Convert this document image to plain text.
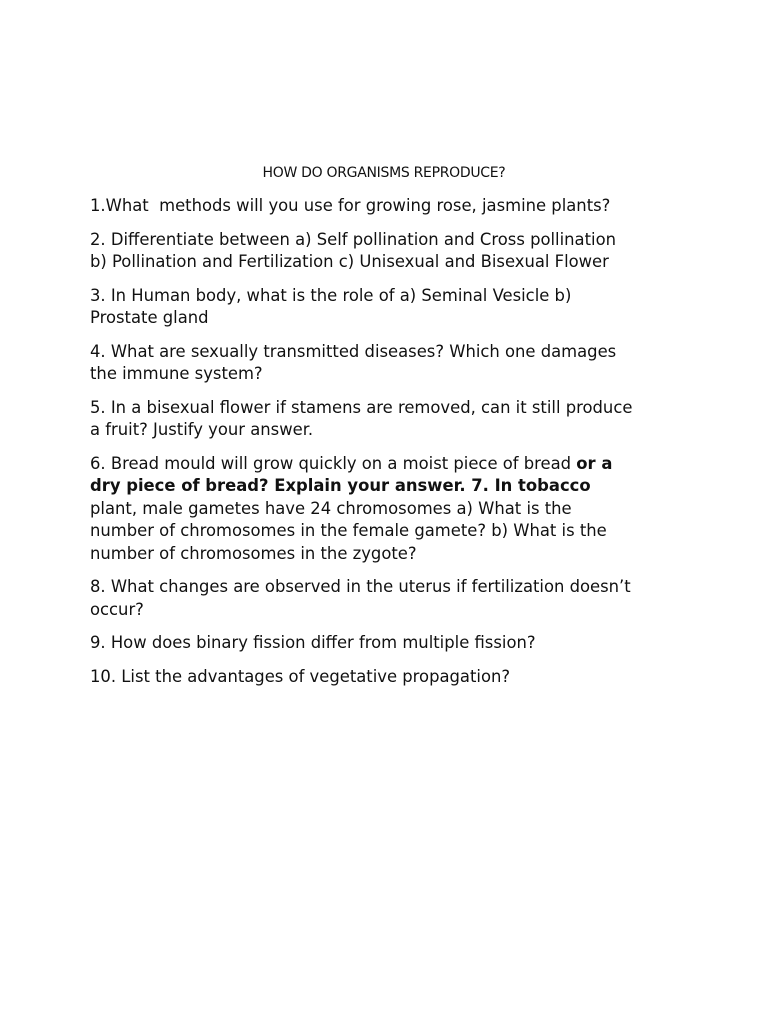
HOW DO ORGANISMS REPRODUCE?
1.What  methods will you use for growing rose, jasmine plants?
2. Differentiate between a) Self pollination and Cross pollination
b) Pollination and Fertilization c) Unisexual and Bisexual Flower
3. In Human body, what is the role of a) Seminal Vesicle b)
Prostate gland
4. What are sexually transmitted diseases? Which one damages
the immune system?
5. In a bisexual flower if stamens are removed, can it still produce
a fruit? Justify your answer.
6. Bread mould will grow quickly on a moist piece of bread or a
dry piece of bread? Explain your answer. 7. In tobacco
plant, male gametes have 24 chromosomes a) What is the
number of chromosomes in the female gamete? b) What is the
number of chromosomes in the zygote?
8. What changes are observed in the uterus if fertilization doesn’t
occur?
9. How does binary fission differ from multiple fission?
10. List the advantages of vegetative propagation?
